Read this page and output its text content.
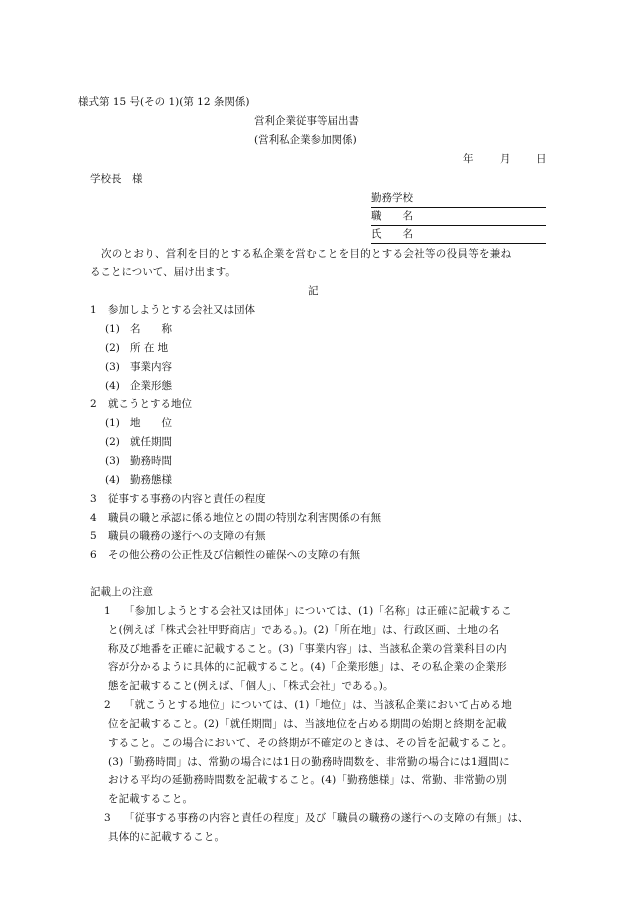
様式第 15 号(その 1)(第 12 条関係)
営利企業従事等届出書
(営利私企業参加関係)
年	月 日
学校長　様
勤務学校
職　　名
氏　　名
次のとおり、営利を目的とする私企業を営むことを目的とする会社等の役員等を兼ね
ることについて、届け出ます。
記
1 参加しようとする会社又は団体
(1) 名　　称
(2) 所 在 地
(3) 事業内容
(4) 企業形態
2 就こうとする地位
(1) 地　　位
(2) 就任期間
(3) 勤務時間
(4) 勤務態様
3 従事する事務の内容と責任の程度
4 職員の職と承認に係る地位との間の特別な利害関係の有無
5 職員の職務の遂行への支障の有無
6 その他公務の公正性及び信頼性の確保への支障の有無
記載上の注意
1 「参加しようとする会社又は団体」については、(1)「名称」は正確に記載するこ
と(例えば「株式会社甲野商店」である。)。(2)「所在地」は、行政区画、土地の名
称及び地番を正確に記載すること。(3)「事業内容」は、当該私企業の営業科目の内
容が分かるように具体的に記載すること。(4)「企業形態」は、その私企業の企業形
態を記載すること(例えば、「個人」、「株式会社」である。)。
2 「就こうとする地位」については、(1)「地位」は、当該私企業において占める地
位を記載すること。(2)「就任期間」は、当該地位を占める期間の始期と終期を記載
すること。この場合において、その終期が不確定のときは、その旨を記載すること。
(3)「勤務時間」は、常勤の場合には1日の勤務時間数を、非常勤の場合には1週間に
おける平均の延勤務時間数を記載すること。(4)「勤務態様」は、常勤、非常勤の別
を記載すること。
3 「従事する事務の内容と責任の程度」及び「職員の職務の遂行への支障の有無」は、
具体的に記載すること。
